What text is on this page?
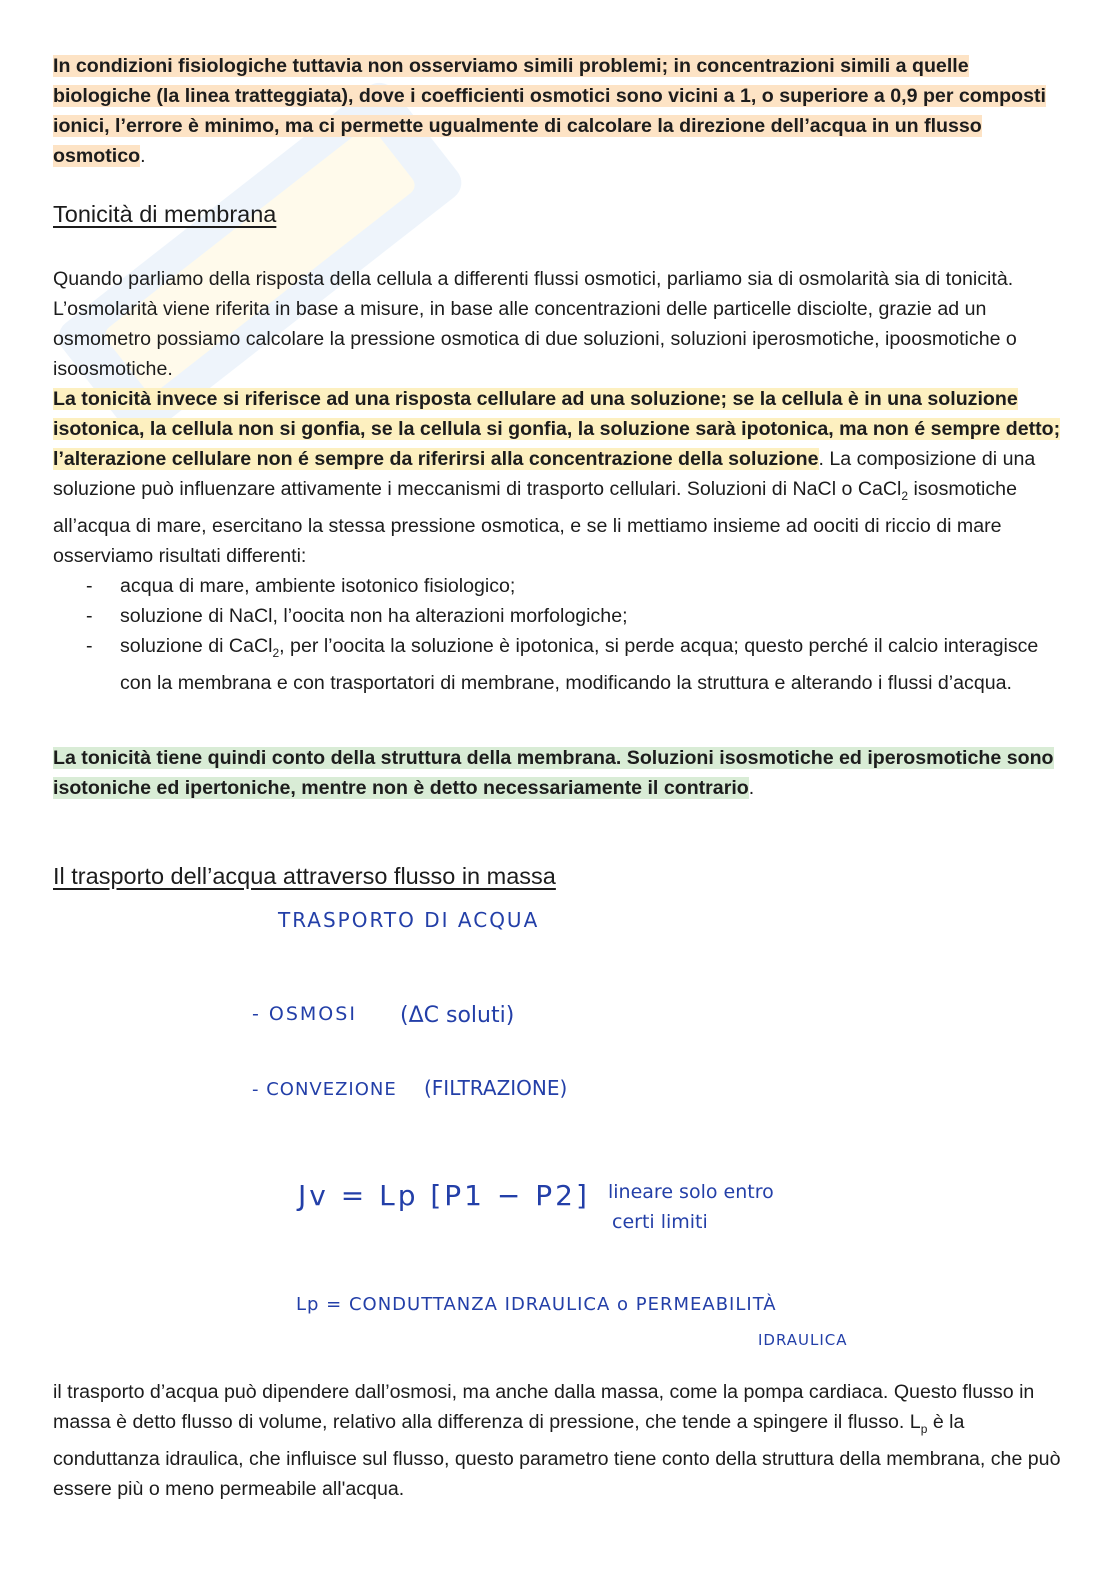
In condizioni fisiologiche tuttavia non osserviamo simili problemi; in concentrazioni simili a quelle biologiche (la linea tratteggiata), dove i coefficienti osmotici sono vicini a 1, o superiore a 0,9 per composti ionici, l’errore è minimo, ma ci permette ugualmente di calcolare la direzione dell’acqua in un flusso osmotico.
Tonicità di membrana
Quando parliamo della risposta della cellula a differenti flussi osmotici, parliamo sia di osmolarità sia di tonicità. L’osmolarità viene riferita in base a misure, in base alle concentrazioni delle particelle disciolte, grazie ad un osmometro possiamo calcolare la pressione osmotica di due soluzioni, soluzioni iperosmotiche, ipoosmotiche o isoosmotiche.
La tonicità invece si riferisce ad una risposta cellulare ad una soluzione; se la cellula è in una soluzione isotonica, la cellula non si gonfia, se la cellula si gonfia, la soluzione sarà ipotonica, ma non é sempre detto; l’alterazione cellulare non é sempre da riferirsi alla concentrazione della soluzione. La composizione di una soluzione può influenzare attivamente i meccanismi di trasporto cellulari. Soluzioni di NaCl o CaCl$_2$ isosmotiche all’acqua di mare, esercitano la stessa pressione osmotica, e se li mettiamo insieme ad oociti di riccio di mare osserviamo risultati differenti:
- acqua di mare, ambiente isotonico fisiologico;
- soluzione di NaCl, l’oocita non ha alterazioni morfologiche;
- soluzione di CaCl$_2$, per l’oocita la soluzione è ipotonica, si perde acqua; questo perché il calcio interagisce con la membrana e con trasportatori di membrane, modificando la struttura e alterando i flussi d’acqua.
La tonicità tiene quindi conto della struttura della membrana. Soluzioni isosmotiche ed iperosmotiche sono isotoniche ed ipertoniche, mentre non è detto necessariamente il contrario.
Il trasporto dell’acqua attraverso flusso in massa
TRASPORTO DI ACQUA
- OSMOSI (ΔC soluti)
- CONVEZIONE (FILTRAZIONE)
Jv = Lp [P1 − P2] lineare solo entro
certi limiti
Lp = CONDUTTANZA IDRAULICA o PERMEABILITÀ
IDRAULICA
il trasporto d’acqua può dipendere dall’osmosi, ma anche dalla massa, come la pompa cardiaca. Questo flusso in massa è detto flusso di volume, relativo alla differenza di pressione, che tende a spingere il flusso. $L_p$ è la conduttanza idraulica, che influisce sul flusso, questo parametro tiene conto della struttura della membrana, che può essere più o meno permeabile all'acqua.
